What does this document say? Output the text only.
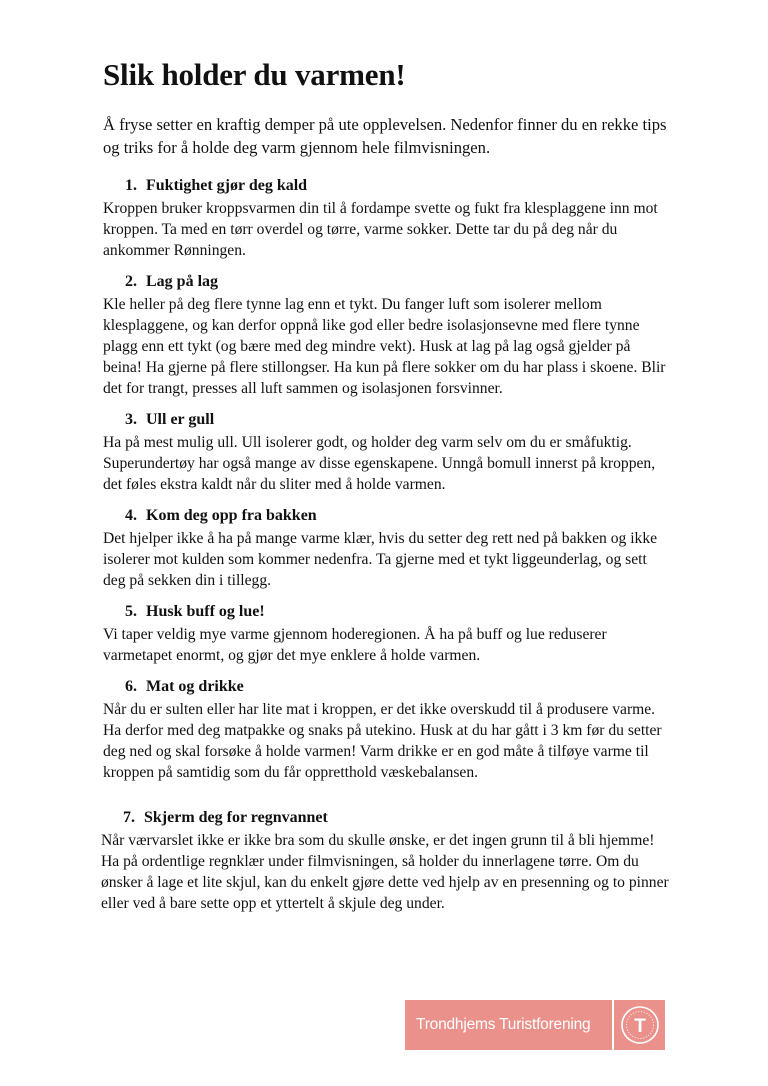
Slik holder du varmen!

Å fryse setter en kraftig demper på ute opplevelsen. Nedenfor finner du en rekke tips og triks for å holde deg varm gjennom hele filmvisningen.

1. Fuktighet gjør deg kald

Kroppen bruker kroppsvarmen din til å fordampe svette og fukt fra klesplaggene inn mot kroppen. Ta med en tørr overdel og tørre, varme sokker. Dette tar du på deg når du ankommer Rønningen.

2. Lag på lag

Kle heller på deg flere tynne lag enn et tykt. Du fanger luft som isolerer mellom klesplaggene, og kan derfor oppnå like god eller bedre isolasjonsevne med flere tynne plagg enn ett tykt (og bære med deg mindre vekt). Husk at lag på lag også gjelder på beina! Ha gjerne på flere stillongser. Ha kun på flere sokker om du har plass i skoene. Blir det for trangt, presses all luft sammen og isolasjonen forsvinner.

3. Ull er gull

Ha på mest mulig ull. Ull isolerer godt, og holder deg varm selv om du er småfuktig. Superundertøy har også mange av disse egenskapene. Unngå bomull innerst på kroppen, det føles ekstra kaldt når du sliter med å holde varmen.

4. Kom deg opp fra bakken

Det hjelper ikke å ha på mange varme klær, hvis du setter deg rett ned på bakken og ikke isolerer mot kulden som kommer nedenfra. Ta gjerne med et tykt liggeunderlag, og sett deg på sekken din i tillegg.

5. Husk buff og lue!

Vi taper veldig mye varme gjennom hoderegionen. Å ha på buff og lue reduserer varmetapet enormt, og gjør det mye enklere å holde varmen.

6. Mat og drikke

Når du er sulten eller har lite mat i kroppen, er det ikke overskudd til å produsere varme. Ha derfor med deg matpakke og snaks på utekino. Husk at du har gått i 3 km før du setter deg ned og skal forsøke å holde varmen! Varm drikke er en god måte å tilføye varme til kroppen på samtidig som du får oppretthold væskebalansen.

7. Skjerm deg for regnvannet

Når værvarslet ikke er ikke bra som du skulle ønske, er det ingen grunn til å bli hjemme! Ha på ordentlige regnklær under filmvisningen, så holder du innerlagene tørre. Om du ønsker å lage et lite skjul, kan du enkelt gjøre dette ved hjelp av en presenning og to pinner eller ved å bare sette opp et yttertelt å skjule deg under.

Trondhjems Turistforening	T
